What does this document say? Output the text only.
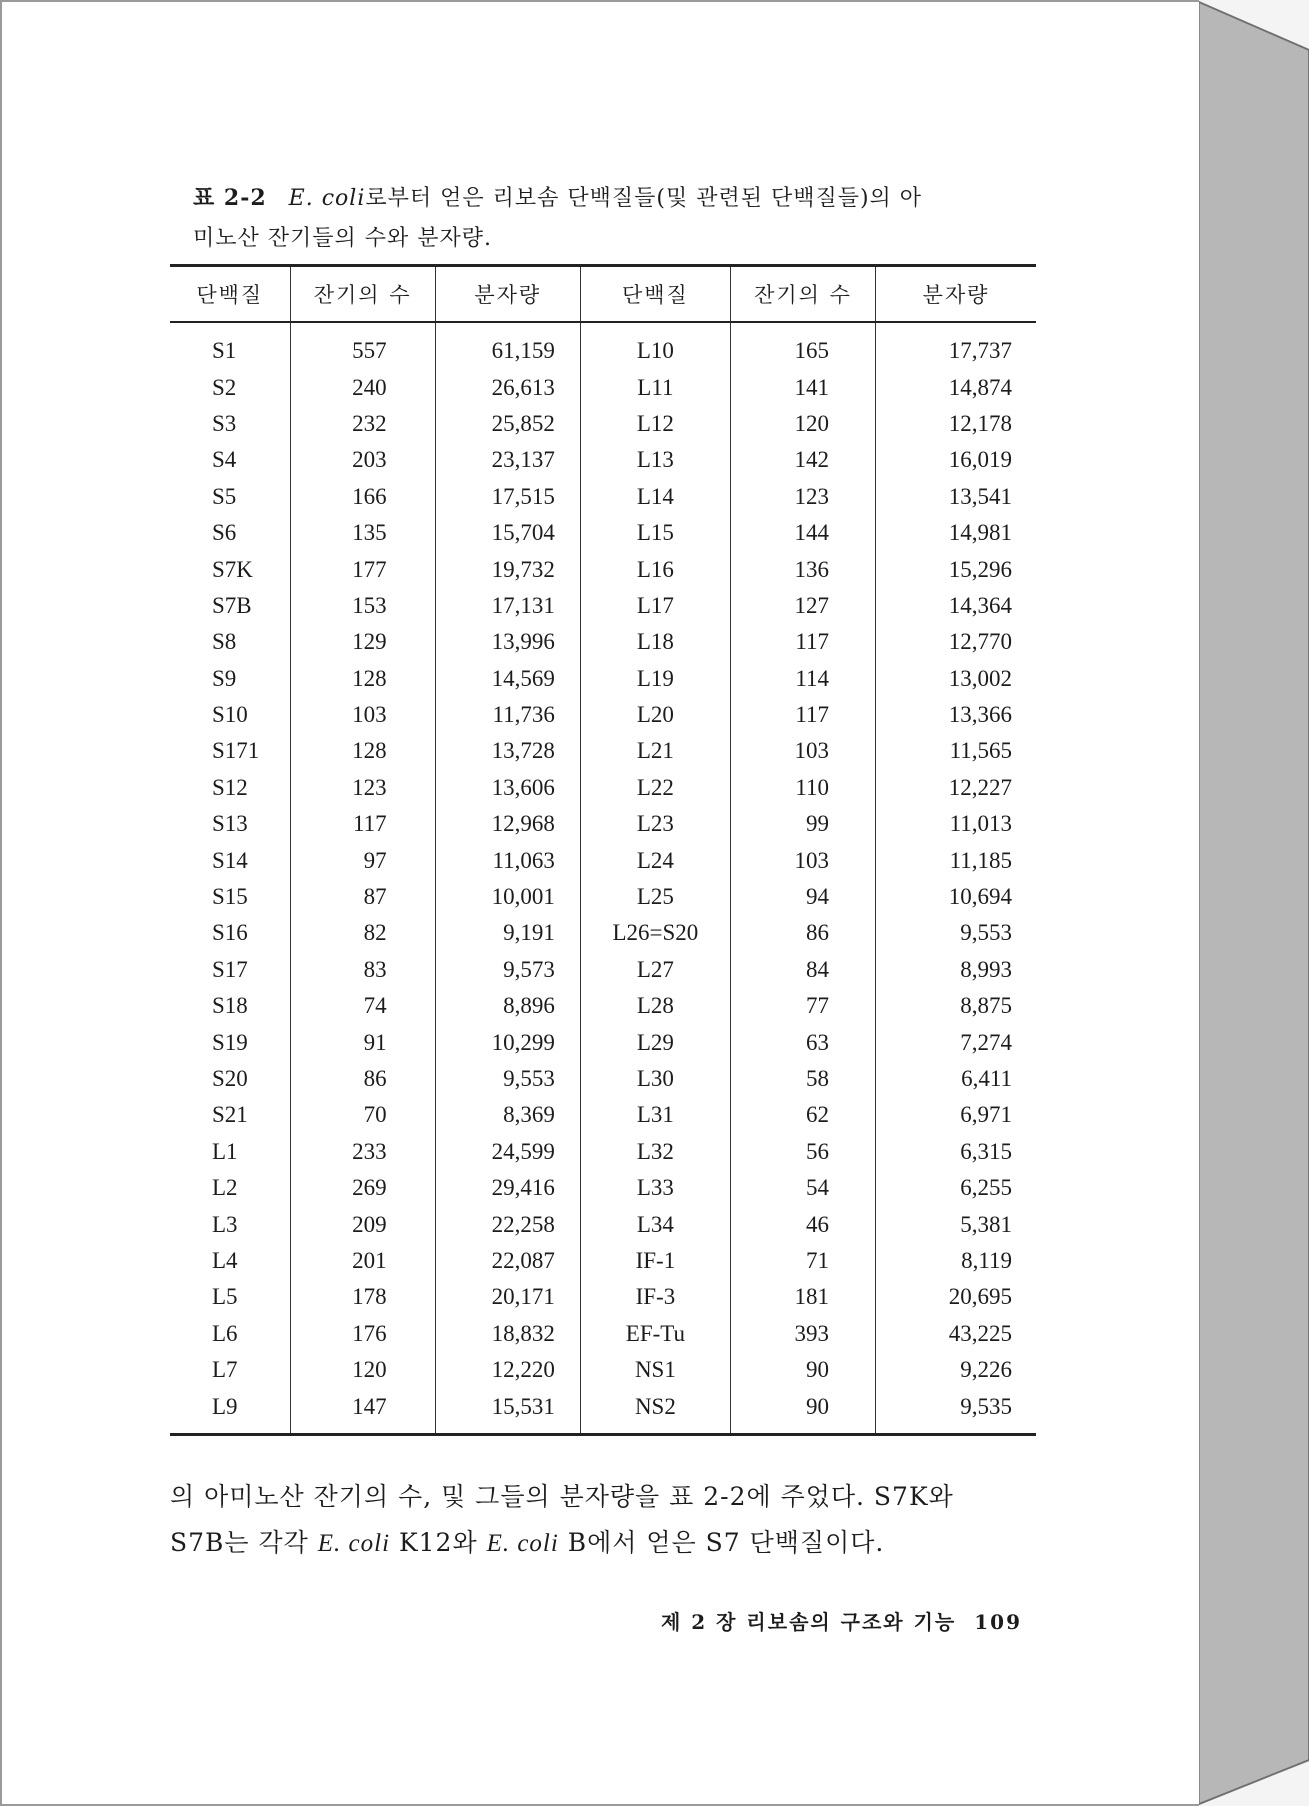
표 2-2 E. coli로부터 얻은 리보솜 단백질들(및 관련된 단백질들)의 아
미노산 잔기들의 수와 분자량.
단백질	잔기의 수	분자량	단백질	잔기의 수	분자량
S1	557	61,159	L10	165	17,737
S2	240	26,613	L11	141	14,874
S3	232	25,852	L12	120	12,178
S4	203	23,137	L13	142	16,019
S5	166	17,515	L14	123	13,541
S6	135	15,704	L15	144	14,981
S7K	177	19,732	L16	136	15,296
S7B	153	17,131	L17	127	14,364
S8	129	13,996	L18	117	12,770
S9	128	14,569	L19	114	13,002
S10	103	11,736	L20	117	13,366
S171	128	13,728	L21	103	11,565
S12	123	13,606	L22	110	12,227
S13	117	12,968	L23	99	11,013
S14	97	11,063	L24	103	11,185
S15	87	10,001	L25	94	10,694
S16	82	9,191	L26=S20	86	9,553
S17	83	9,573	L27	84	8,993
S18	74	8,896	L28	77	8,875
S19	91	10,299	L29	63	7,274
S20	86	9,553	L30	58	6,411
S21	70	8,369	L31	62	6,971
L1	233	24,599	L32	56	6,315
L2	269	29,416	L33	54	6,255
L3	209	22,258	L34	46	5,381
L4	201	22,087	IF-1	71	8,119
L5	178	20,171	IF-3	181	20,695
L6	176	18,832	EF-Tu	393	43,225
L7	120	12,220	NS1	90	9,226
L9	147	15,531	NS2	90	9,535
의 아미노산 잔기의 수, 및 그들의 분자량을 표 2-2에 주었다. S7K와
S7B는 각각 E. coli K12와 E. coli B에서 얻은 S7 단백질이다.
제 2 장 리보솜의 구조와 기능 109
